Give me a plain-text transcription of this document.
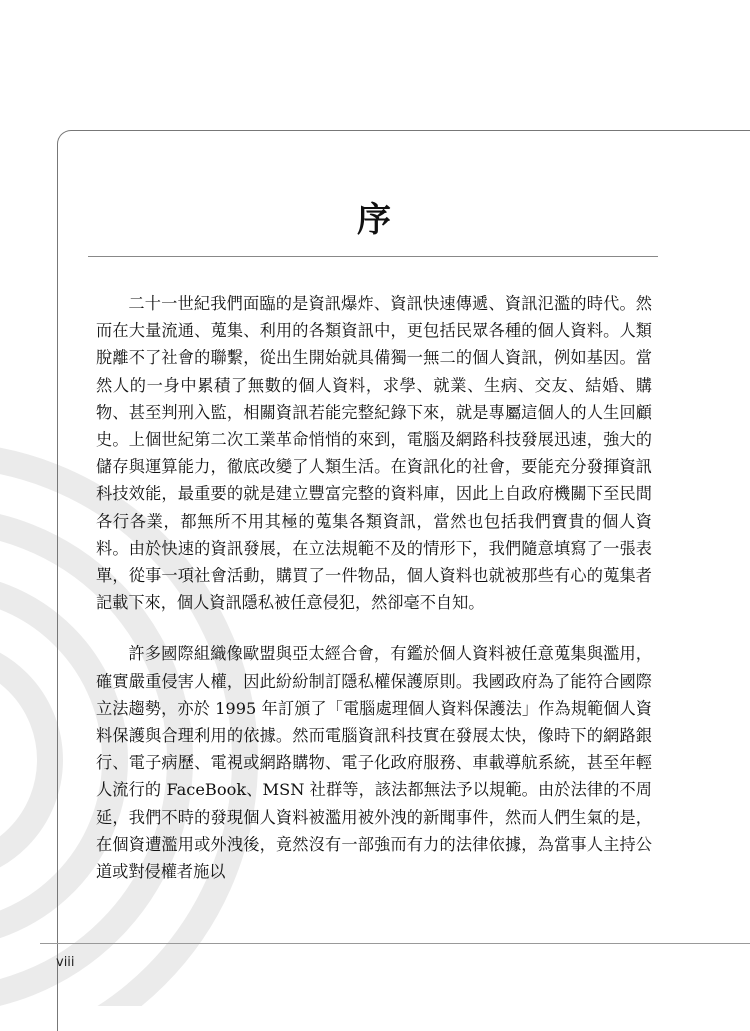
序

二十一世紀我們面臨的是資訊爆炸、資訊快速傳遞、資訊氾濫的時代。然而在大量流通、蒐集、利用的各類資訊中，更包括民眾各種的個人資料。人類脫離不了社會的聯繫，從出生開始就具備獨一無二的個人資訊，例如基因。當然人的一身中累積了無數的個人資料，求學、就業、生病、交友、結婚、購物、甚至判刑入監，相關資訊若能完整紀錄下來，就是專屬這個人的人生回顧史。上個世紀第二次工業革命悄悄的來到，電腦及網路科技發展迅速，強大的儲存與運算能力，徹底改變了人類生活。在資訊化的社會，要能充分發揮資訊科技效能，最重要的就是建立豐富完整的資料庫，因此上自政府機關下至民間各行各業，都無所不用其極的蒐集各類資訊，當然也包括我們寶貴的個人資料。由於快速的資訊發展，在立法規範不及的情形下，我們隨意填寫了一張表單，從事一項社會活動，購買了一件物品，個人資料也就被那些有心的蒐集者記載下來，個人資訊隱私被任意侵犯，然卻毫不自知。

許多國際組織像歐盟與亞太經合會，有鑑於個人資料被任意蒐集與濫用，確實嚴重侵害人權，因此紛紛制訂隱私權保護原則。我國政府為了能符合國際立法趨勢，亦於 1995 年訂頒了「電腦處理個人資料保護法」作為規範個人資料保護與合理利用的依據。然而電腦資訊科技實在發展太快，像時下的網路銀行、電子病歷、電視或網路購物、電子化政府服務、車載導航系統，甚至年輕人流行的 FaceBook、MSN 社群等，該法都無法予以規範。由於法律的不周延，我們不時的發現個人資料被濫用被外洩的新聞事件，然而人們生氣的是，在個資遭濫用或外洩後，竟然沒有一部強而有力的法律依據，為當事人主持公道或對侵權者施以

viii
